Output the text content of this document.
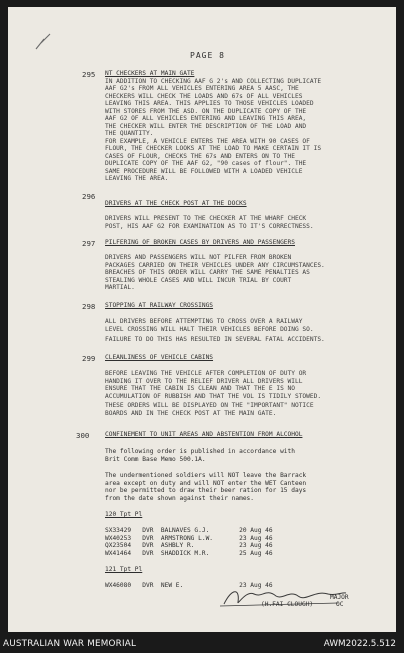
PAGE 8
295 NT CHECKERS AT MAIN GATE
IN ADDITION TO CHECKING AAF G 2's AND COLLECTING DUPLICATE
AAF G2's FROM ALL VEHICLES ENTERING AREA 5 AASC, THE
CHECKERS WILL CHECK THE LOADS AND 67s OF ALL VEHICLES
LEAVING THIS AREA. THIS APPLIES TO THOSE VEHICLES LOADED
WITH STORES FROM THE ASD. ON THE DUPLICATE COPY OF THE
AAF G2 OF ALL VEHICLES ENTERING AND LEAVING THIS AREA,
THE CHECKER WILL ENTER THE DESCRIPTION OF THE LOAD AND
THE QUANTITY.
FOR EXAMPLE, A VEHICLE ENTERS THE AREA WITH 90 CASES OF
FLOUR, THE CHECKER LOOKS AT THE LOAD TO MAKE CERTAIN IT IS
CASES OF FLOUR, CHECKS THE 67s AND ENTERS ON TO THE
DUPLICATE COPY OF THE AAF G2, "90 cases of flour". THE
SAME PROCEDURE WILL BE FOLLOWED WITH A LOADED VEHICLE
LEAVING THE AREA.
296
DRIVERS AT THE CHECK POST AT THE DOCKS
DRIVERS WILL PRESENT TO THE CHECKER AT THE WHARF CHECK
POST, HIS AAF G2 FOR EXAMINATION AS TO IT'S CORRECTNESS.
297 PILFERING OF BROKEN CASES BY DRIVERS AND PASSENGERS
DRIVERS AND PASSENGERS WILL NOT PILFER FROM BROKEN
PACKAGES CARRIED ON THEIR VEHICLES UNDER ANY CIRCUMSTANCES.
BREACHES OF THIS ORDER WILL CARRY THE SAME PENALTIES AS
STEALING WHOLE CASES AND WILL INCUR TRIAL BY COURT
MARTIAL.
298 STOPPING AT RAILWAY CROSSINGS
ALL DRIVERS BEFORE ATTEMPTING TO CROSS OVER A RAILWAY
LEVEL CROSSING WILL HALT THEIR VEHICLES BEFORE DOING SO.
FAILURE TO DO THIS HAS RESULTED IN SEVERAL FATAL ACCIDENTS.
299 CLEANLINESS OF VEHICLE CABINS
BEFORE LEAVING THE VEHICLE AFTER COMPLETION OF DUTY OR
HANDING IT OVER TO THE RELIEF DRIVER ALL DRIVERS WILL
ENSURE THAT THE CABIN IS CLEAN AND THAT THE E IS NO
ACCUMULATION OF RUBBISH AND THAT THE VOL IS TIDILY STOWED.
THESE ORDERS WILL BE DISPLAYED ON THE "IMPORTANT" NOTICE
BOARDS AND IN THE CHECK POST AT THE MAIN GATE.
300	CONFINEMENT TO UNIT AREAS AND ABSTENTION FROM ALCOHOL
The following order is published in accordance with
Brit Comm Base Memo 500.1A.
The undermentioned soldiers will NOT leave the Barrack
area except on duty and will NOT enter the WET Canteen
nor be permitted to draw their beer ration for 15 days
from the date shown against their names.
120 Tpt Pl
SX33429   DVR  BALNAVES G.J.        20 Aug 46
WX40253   DVR  ARMSTRONG L.W.       23 Aug 46
QX23504   DVR  ASHBLY R.            23 Aug 46
WX41464   DVR  SHADDICK M.R.        25 Aug 46
121 Tpt Pl
WX46080   DVR  NEW E.               23 Aug 46
(H.FAI CLOUGH)
MAJOR
OC
AUSTRALIAN WAR MEMORIAL	AWM2022.5.512
